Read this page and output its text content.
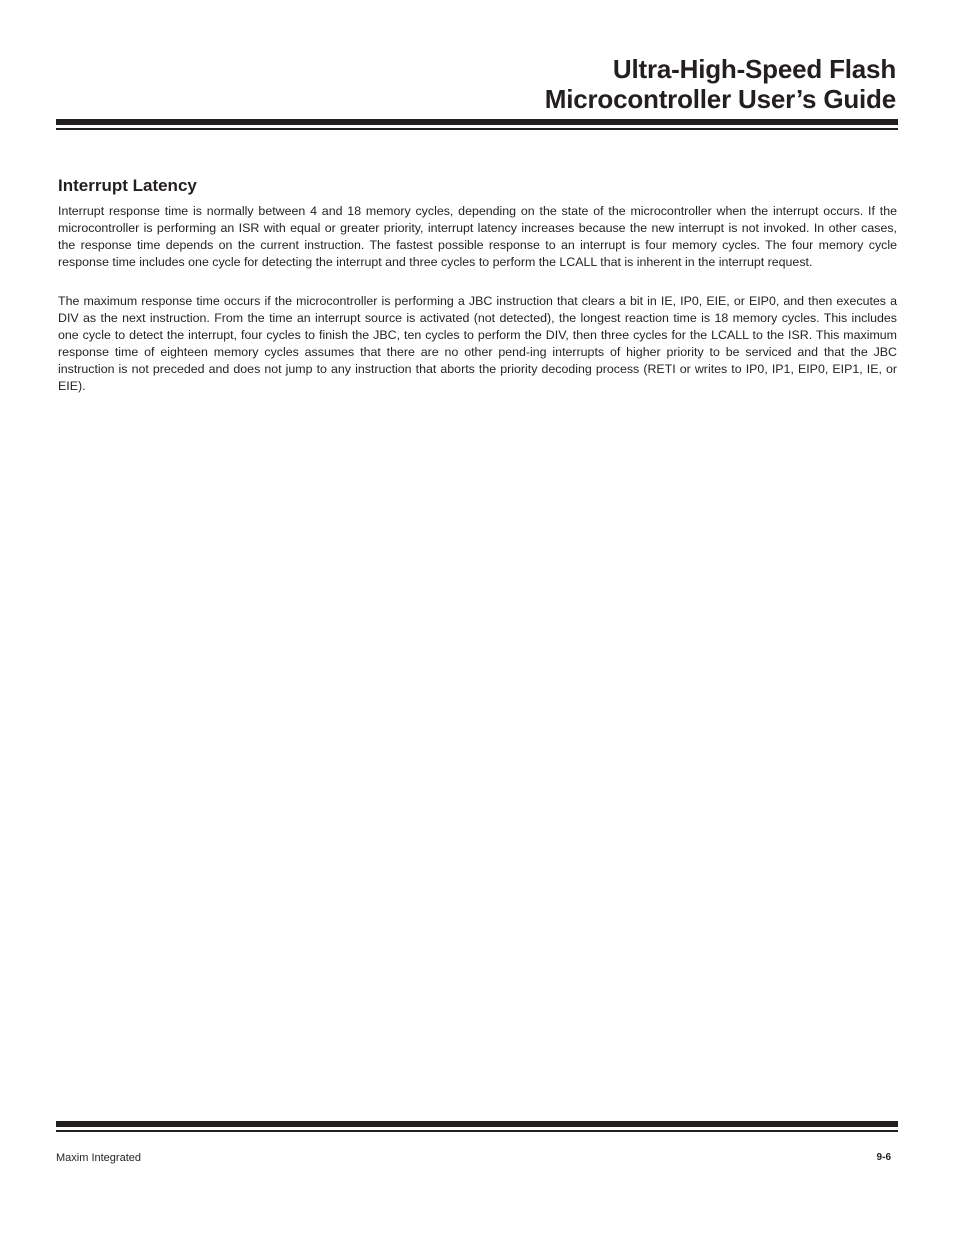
Ultra-High-Speed Flash
Microcontroller User’s Guide
Interrupt Latency

Interrupt response time is normally between 4 and 18 memory cycles, depending on the state of the microcontroller when the interrupt occurs. If the microcontroller is performing an ISR with equal or greater priority, interrupt latency increases because the new interrupt is not invoked. In other cases, the response time depends on the current instruction. The fastest possible response to an interrupt is four memory cycles. The four memory cycle response time includes one cycle for detecting the interrupt and three cycles to perform the LCALL that is inherent in the interrupt request.

The maximum response time occurs if the microcontroller is performing a JBC instruction that clears a bit in IE, IP0, EIE, or EIP0, and then executes a DIV as the next instruction. From the time an interrupt source is activated (not detected), the longest reaction time is 18 memory cycles. This includes one cycle to detect the interrupt, four cycles to finish the JBC, ten cycles to perform the DIV, then three cycles for the LCALL to the ISR. This maximum response time of eighteen memory cycles assumes that there are no other pend-ing interrupts of higher priority to be serviced and that the JBC instruction is not preceded and does not jump to any instruction that aborts the priority decoding process (RETI or writes to IP0, IP1, EIP0, EIP1, IE, or EIE).

Maxim Integrated	9-6
